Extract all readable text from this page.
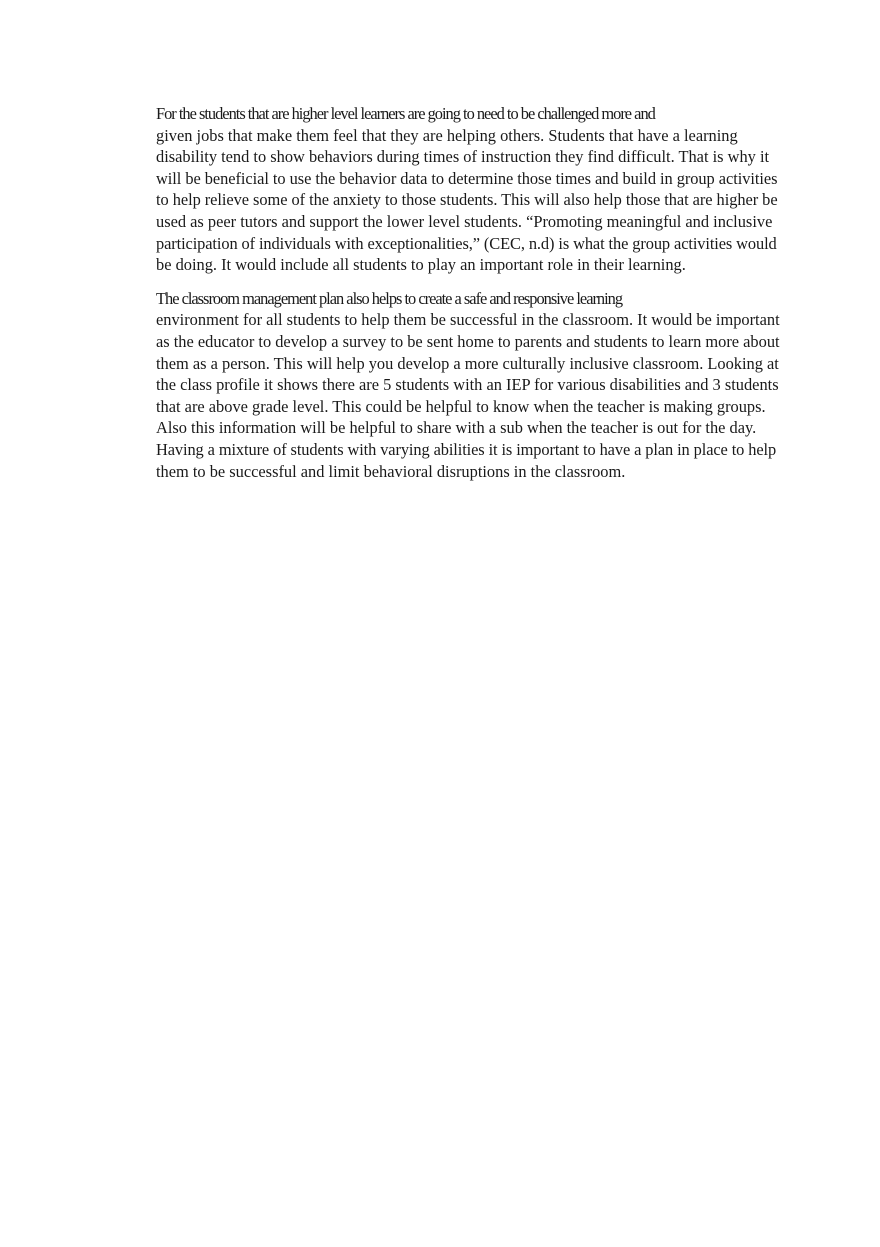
For the students that are higher level learners are going to need to be challenged more and
given jobs that make them feel that they are helping others. Students that have a learning
disability tend to show behaviors during times of instruction they find difficult. That is why it
will be beneficial to use the behavior data to determine those times and build in group activities
to help relieve some of the anxiety to those students. This will also help those that are higher be
used as peer tutors and support the lower level students. “Promoting meaningful and inclusive
participation of individuals with exceptionalities,” (CEC, n.d) is what the group activities would
be doing. It would include all students to play an important role in their learning.

The classroom management plan also helps to create a safe and responsive learning
environment for all students to help them be successful in the classroom. It would be important
as the educator to develop a survey to be sent home to parents and students to learn more about
them as a person. This will help you develop a more culturally inclusive classroom. Looking at
the class profile it shows there are 5 students with an IEP for various disabilities and 3 students
that are above grade level. This could be helpful to know when the teacher is making groups.
Also this information will be helpful to share with a sub when the teacher is out for the day.
Having a mixture of students with varying abilities it is important to have a plan in place to help
them to be successful and limit behavioral disruptions in the classroom.
